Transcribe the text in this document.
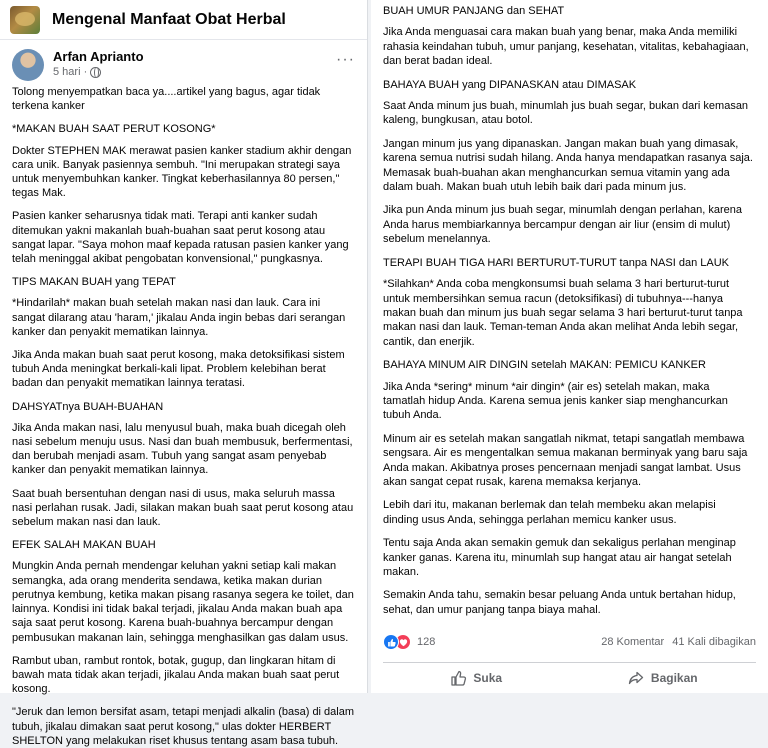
Mengenal Manfaat Obat Herbal
Arfan Aprianto
5 hari ·
···

Tolong menyempatkan baca ya....artikel yang bagus, agar tidak terkena kanker

*MAKAN BUAH SAAT PERUT KOSONG*

Dokter STEPHEN MAK merawat pasien kanker stadium akhir dengan cara unik. Banyak pasiennya sembuh. "Ini merupakan strategi saya untuk menyembuhkan kanker. Tingkat keberhasilannya 80 persen," tegas Mak.

Pasien kanker seharusnya tidak mati. Terapi anti kanker sudah ditemukan yakni makanlah buah-buahan saat perut kosong atau sangat lapar. "Saya mohon maaf kepada ratusan pasien kanker yang telah meninggal akibat pengobatan konvensional," pungkasnya.

TIPS MAKAN BUAH yang TEPAT

*Hindarilah* makan buah setelah makan nasi dan lauk. Cara ini sangat dilarang atau 'haram,' jikalau Anda ingin bebas dari serangan kanker dan penyakit mematikan lainnya.

Jika Anda makan buah saat perut kosong, maka detoksifikasi sistem tubuh Anda meningkat berkali-kali lipat. Problem kelebihan berat badan dan penyakit mematikan lainnya teratasi.

DAHSYATnya BUAH-BUAHAN

Jika Anda makan nasi, lalu menyusul buah, maka buah dicegah oleh nasi sebelum menuju usus. Nasi dan buah membusuk, berfermentasi, dan berubah menjadi asam. Tubuh yang sangat asam penyebab kanker dan penyakit mematikan lainnya.

Saat buah bersentuhan dengan nasi di usus, maka seluruh massa nasi perlahan rusak. Jadi, silakan makan buah saat perut kosong atau sebelum makan nasi dan lauk.

EFEK SALAH MAKAN BUAH

Mungkin Anda pernah mendengar keluhan yakni setiap kali makan semangka, ada orang menderita sendawa, ketika makan durian perutnya kembung, ketika makan pisang rasanya segera ke toilet, dan lainnya. Kondisi ini tidak bakal terjadi, jikalau Anda makan buah apa saja saat perut kosong. Karena buah-buahnya bercampur dengan pembusukan makanan lain, sehingga menghasilkan gas dalam usus.

Rambut uban, rambut rontok, botak, gugup, dan lingkaran hitam di bawah mata tidak akan terjadi, jikalau Anda makan buah saat perut kosong.

"Jeruk dan lemon bersifat asam, tetapi menjadi alkalin (basa) di dalam tubuh, jikalau dimakan saat perut kosong," ulas dokter HERBERT SHELTON yang melakukan riset khusus tentang asam basa tubuh.

BUAH UMUR PANJANG dan SEHAT

Jika Anda menguasai cara makan buah yang benar, maka Anda memiliki rahasia keindahan tubuh, umur panjang, kesehatan, vitalitas, kebahagiaan, dan berat badan ideal.

BAHAYA BUAH yang DIPANASKAN atau DIMASAK

Saat Anda minum jus buah, minumlah jus buah segar, bukan dari kemasan kaleng, bungkusan, atau botol.

Jangan minum jus yang dipanaskan. Jangan makan buah yang dimasak, karena semua nutrisi sudah hilang. Anda hanya mendapatkan rasanya saja. Memasak buah-buahan akan menghancurkan semua vitamin yang ada dalam buah. Makan buah utuh lebih baik dari pada minum jus.

Jika pun Anda minum jus buah segar, minumlah dengan perlahan, karena Anda harus membiarkannya bercampur dengan air liur (ensim di mulut) sebelum menelannya.

TERAPI BUAH TIGA HARI BERTURUT-TURUT tanpa NASI dan LAUK

*Silahkan* Anda coba mengkonsumsi buah selama 3 hari berturut-turut untuk membersihkan semua racun (detoksifikasi) di tubuhnya---hanya makan buah dan minum jus buah segar selama 3 hari berturut-turut tanpa makan nasi dan lauk. Teman-teman Anda akan melihat Anda lebih segar, cantik, dan enerjik.

BAHAYA MINUM AIR DINGIN setelah MAKAN: PEMICU KANKER

Jika Anda *sering* minum *air dingin* (air es) setelah makan, maka tamatlah hidup Anda. Karena semua jenis kanker siap menghancurkan tubuh Anda.

Minum air es setelah makan sangatlah nikmat, tetapi sangatlah membawa sengsara. Air es mengentalkan semua makanan berminyak yang baru saja Anda makan. Akibatnya proses pencernaan menjadi sangat lambat. Usus akan sangat cepat rusak, karena memaksa kerjanya.

Lebih dari itu, makanan berlemak dan telah membeku akan melapisi dinding usus Anda, sehingga perlahan memicu kanker usus.

Tentu saja Anda akan semakin gemuk dan sekaligus perlahan menginap kanker ganas. Karena itu, minumlah sup hangat atau air hangat setelah makan.

Semakin Anda tahu, semakin besar peluang Anda untuk bertahan hidup, sehat, dan umur panjang tanpa biaya mahal.

128	28 Komentar 41 Kali dibagikan
Suka	Bagikan
